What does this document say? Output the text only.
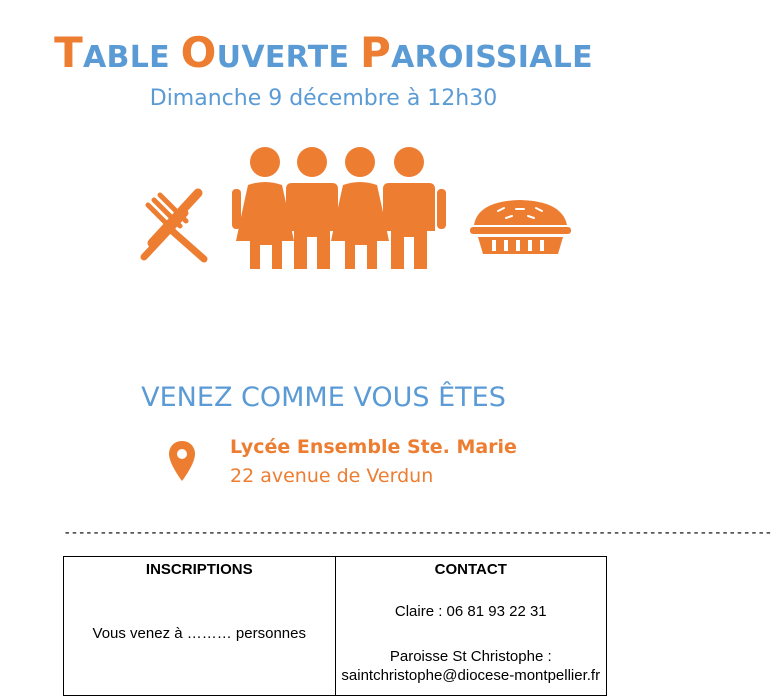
TABLE OUVERTE PAROISSIALE
Dimanche 9 décembre à 12h30
VENEZ COMME VOUS ÊTES
Lycée Ensemble Ste. Marie
22 avenue de Verdun
--------------------------------------------------------------------------------------------------
INSCRIPTIONS
Vous venez à ……… personnes
CONTACT
Claire : 06 81 93 22 31
Paroisse St Christophe :
saintchristophe@diocese-montpellier.fr
